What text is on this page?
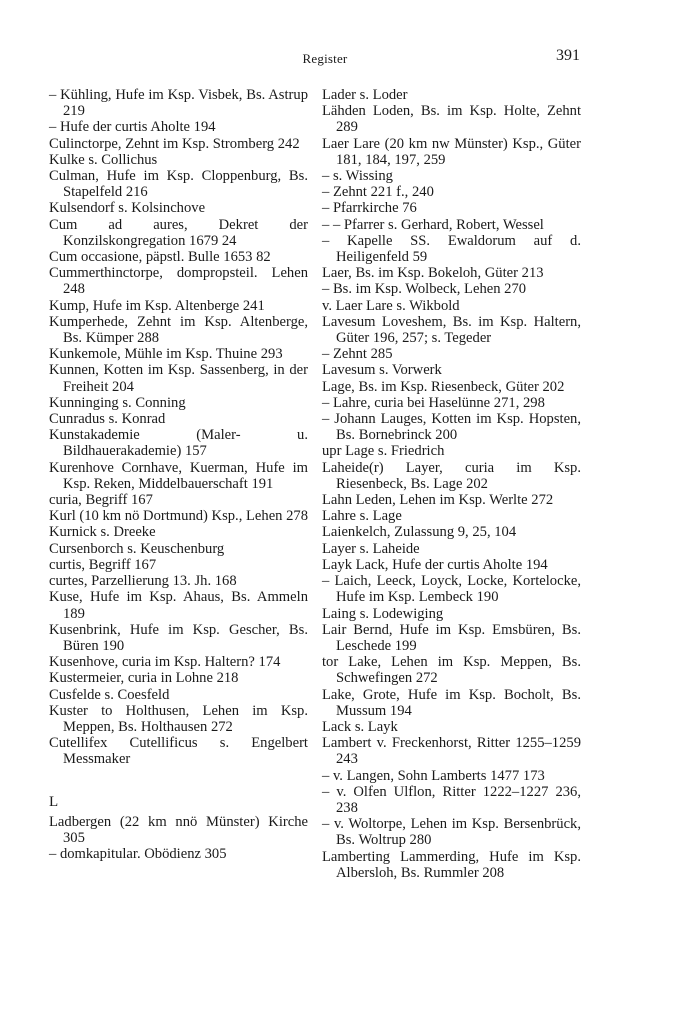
Register	391

– Kühling, Hufe im Ksp. Visbek, Bs. Astrup 219

– Hufe der curtis Aholte 194

Culinctorpe, Zehnt im Ksp. Stromberg 242

Kulke s. Collichus

Culman, Hufe im Ksp. Cloppenburg, Bs. Stapelfeld 216

Kulsendorf s. Kolsinchove

Cum ad aures, Dekret der Konzilskongregation 1679 24

Cum occasione, päpstl. Bulle 1653 82

Cummerthinctorpe, dompropsteil. Lehen 248

Kump, Hufe im Ksp. Altenberge 241

Kumperhede, Zehnt im Ksp. Altenberge, Bs. Kümper 288

Kunkemole, Mühle im Ksp. Thuine 293

Kunnen, Kotten im Ksp. Sassenberg, in der Freiheit 204

Kunninging s. Conning

Cunradus s. Konrad

Kunstakademie (Maler- u. Bildhauerakademie) 157

Kurenhove Cornhave, Kuerman, Hufe im Ksp. Reken, Middelbauerschaft 191

curia, Begriff 167

Kurl (10 km nö Dortmund) Ksp., Lehen 278

Kurnick s. Dreeke

Cursenborch s. Keuschenburg

curtis, Begriff 167

curtes, Parzellierung 13. Jh. 168

Kuse, Hufe im Ksp. Ahaus, Bs. Ammeln 189

Kusenbrink, Hufe im Ksp. Gescher, Bs. Büren 190

Kusenhove, curia im Ksp. Haltern? 174

Kustermeier, curia in Lohne 218

Cusfelde s. Coesfeld

Kuster to Holthusen, Lehen im Ksp. Meppen, Bs. Holthausen 272

Cutellifex Cutellificus s. Engelbert Messmaker

L

Ladbergen (22 km nnö Münster) Kirche 305

– domkapitular. Obödienz 305

Lader s. Loder

Lähden Loden, Bs. im Ksp. Holte, Zehnt 289

Laer Lare (20 km nw Münster) Ksp., Güter 181, 184, 197, 259

– s. Wissing

– Zehnt 221 f., 240

– Pfarrkirche 76

– – Pfarrer s. Gerhard, Robert, Wessel

– Kapelle SS. Ewaldorum auf d. Heiligenfeld 59

Laer, Bs. im Ksp. Bokeloh, Güter 213

– Bs. im Ksp. Wolbeck, Lehen 270

v. Laer Lare s. Wikbold

Lavesum Loveshem, Bs. im Ksp. Haltern, Güter 196, 257; s. Tegeder

– Zehnt 285

Lavesum s. Vorwerk

Lage, Bs. im Ksp. Riesenbeck, Güter 202

– Lahre, curia bei Haselünne 271, 298

– Johann Lauges, Kotten im Ksp. Hopsten, Bs. Bornebrinck 200

upr Lage s. Friedrich

Laheide(r) Layer, curia im Ksp. Riesenbeck, Bs. Lage 202

Lahn Leden, Lehen im Ksp. Werlte 272

Lahre s. Lage

Laienkelch, Zulassung 9, 25, 104

Layer s. Laheide

Layk Lack, Hufe der curtis Aholte 194

– Laich, Leeck, Loyck, Locke, Kortelocke, Hufe im Ksp. Lembeck 190

Laing s. Lodewiging

Lair Bernd, Hufe im Ksp. Emsbüren, Bs. Leschede 199

tor Lake, Lehen im Ksp. Meppen, Bs. Schwefingen 272

Lake, Grote, Hufe im Ksp. Bocholt, Bs. Mussum 194

Lack s. Layk

Lambert v. Freckenhorst, Ritter 1255–1259 243

– v. Langen, Sohn Lamberts 1477 173

– v. Olfen Ulflon, Ritter 1222–1227 236, 238

– v. Woltorpe, Lehen im Ksp. Bersenbrück, Bs. Woltrup 280

Lamberting Lammerding, Hufe im Ksp. Albersloh, Bs. Rummler 208
